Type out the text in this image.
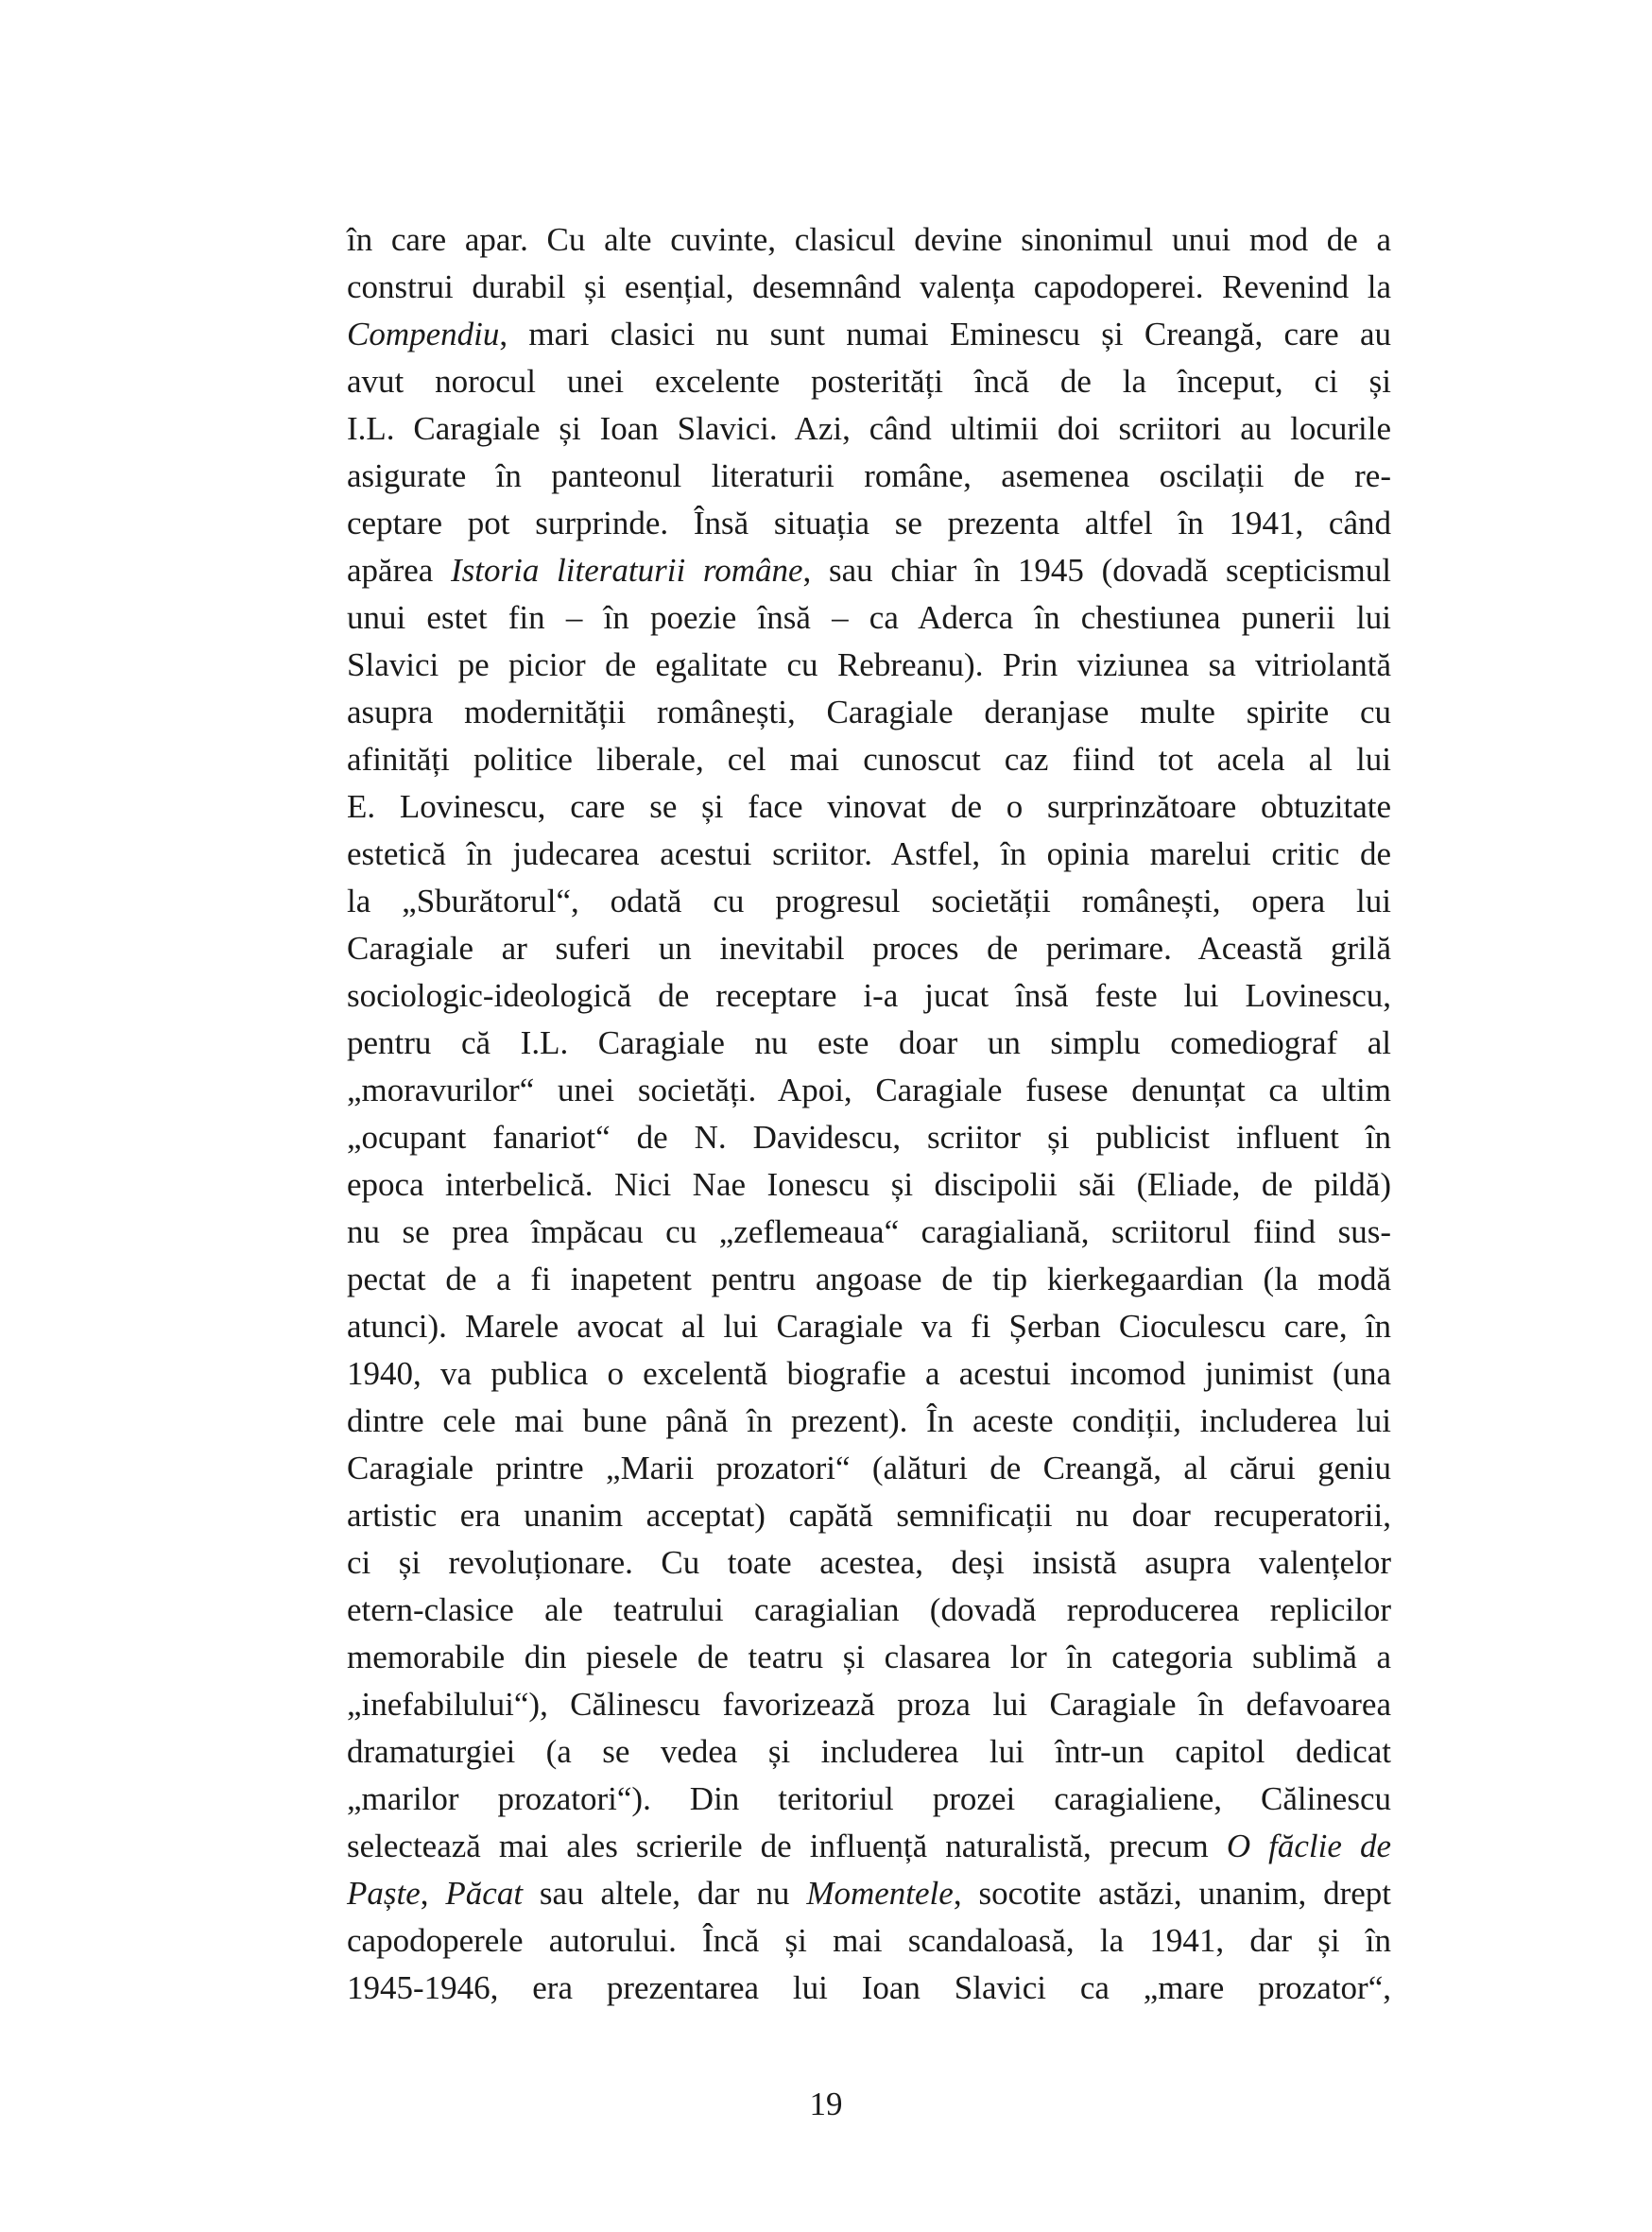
în care apar. Cu alte cuvinte, clasicul devine sinonimul unui mod de a
construi durabil și esențial, desemnând valența capodoperei. Revenind la
Compendiu, mari clasici nu sunt numai Eminescu și Creangă, care au
avut norocul unei excelente posterități încă de la început, ci și
I.L. Caragiale și Ioan Slavici. Azi, când ultimii doi scriitori au locurile
asigurate în panteonul literaturii române, asemenea oscilații de re-
ceptare pot surprinde. Însă situația se prezenta altfel în 1941, când
apărea Istoria literaturii române, sau chiar în 1945 (dovadă scepticismul
unui estet fin – în poezie însă – ca Aderca în chestiunea punerii lui
Slavici pe picior de egalitate cu Rebreanu). Prin viziunea sa vitriolantă
asupra modernității românești, Caragiale deranjase multe spirite cu
afinități politice liberale, cel mai cunoscut caz fiind tot acela al lui
E. Lovinescu, care se și face vinovat de o surprinzătoare obtuzitate
estetică în judecarea acestui scriitor. Astfel, în opinia marelui critic de
la „Sburătorul“, odată cu progresul societății românești, opera lui
Caragiale ar suferi un inevitabil proces de perimare. Această grilă
sociologic-ideologică de receptare i-a jucat însă feste lui Lovinescu,
pentru că I.L. Caragiale nu este doar un simplu comediograf al
„moravurilor“ unei societăți. Apoi, Caragiale fusese denunțat ca ultim
„ocupant fanariot“ de N. Davidescu, scriitor și publicist influent în
epoca interbelică. Nici Nae Ionescu și discipolii săi (Eliade, de pildă)
nu se prea împăcau cu „zeflemeaua“ caragialiană, scriitorul fiind sus-
pectat de a fi inapetent pentru angoase de tip kierkegaardian (la modă
atunci). Marele avocat al lui Caragiale va fi Șerban Cioculescu care, în
1940, va publica o excelentă biografie a acestui incomod junimist (una
dintre cele mai bune până în prezent). În aceste condiții, includerea lui
Caragiale printre „Marii prozatori“ (alături de Creangă, al cărui geniu
artistic era unanim acceptat) capătă semnificații nu doar recuperatorii,
ci și revoluționare. Cu toate acestea, deși insistă asupra valențelor
etern-clasice ale teatrului caragialian (dovadă reproducerea replicilor
memorabile din piesele de teatru și clasarea lor în categoria sublimă a
„inefabilului“), Călinescu favorizează proza lui Caragiale în defavoarea
dramaturgiei (a se vedea și includerea lui într-un capitol dedicat
„marilor prozatori“). Din teritoriul prozei caragialiene, Călinescu
selectează mai ales scrierile de influență naturalistă, precum O făclie de
Paște, Păcat sau altele, dar nu Momentele, socotite astăzi, unanim, drept
capodoperele autorului. Încă și mai scandaloasă, la 1941, dar și în
1945-1946, era prezentarea lui Ioan Slavici ca „mare prozator“,
19
